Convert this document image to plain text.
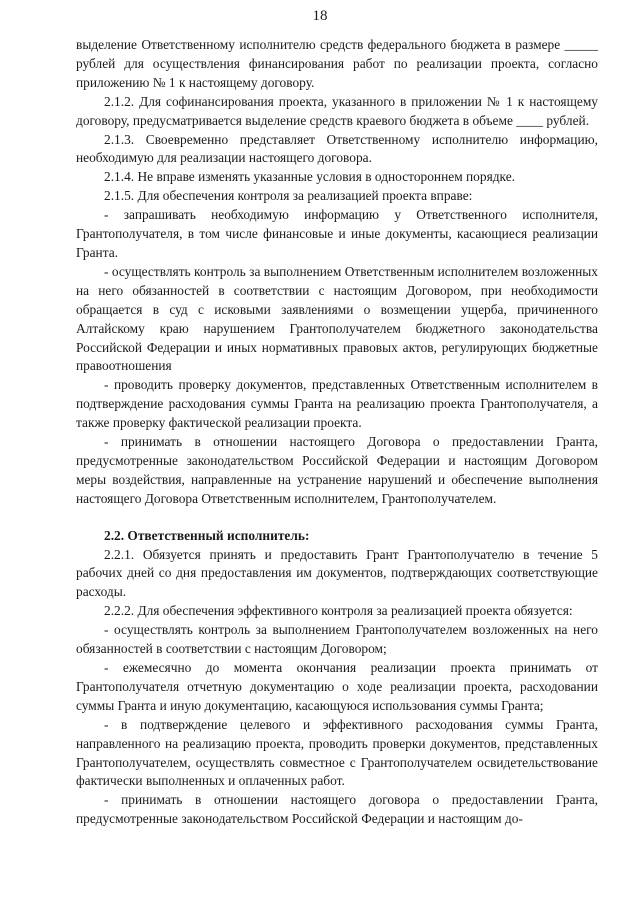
18

выделение Ответственному исполнителю средств федерального бюджета в размере _____ рублей для осуществления финансирования работ по реализации проекта, согласно приложению № 1 к настоящему договору.

2.1.2. Для софинансирования проекта, указанного в приложении № 1 к настоящему договору, предусматривается выделение средств краевого бюджета в объеме ____ рублей.

2.1.3. Своевременно представляет Ответственному исполнителю информацию, необходимую для реализации настоящего договора.

2.1.4. Не вправе изменять указанные условия в одностороннем порядке.

2.1.5. Для обеспечения контроля за реализацией проекта вправе:

- запрашивать необходимую информацию у Ответственного исполнителя, Грантополучателя, в том числе финансовые и иные документы, касающиеся реализации Гранта.

- осуществлять контроль за выполнением Ответственным исполнителем возложенных на него обязанностей в соответствии с настоящим Договором, при необходимости обращается в суд с исковыми заявлениями о возмещении ущерба, причиненного Алтайскому краю нарушением Грантополучателем бюджетного законодательства Российской Федерации и иных нормативных правовых актов, регулирующих бюджетные правоотношения

- проводить проверку документов, представленных Ответственным исполнителем в подтверждение расходования суммы Гранта на реализацию проекта Грантополучателя, а также проверку фактической реализации проекта.

- принимать в отношении настоящего Договора о предоставлении Гранта, предусмотренные законодательством Российской Федерации и настоящим Договором меры воздействия, направленные на устранение нарушений и обеспечение выполнения настоящего Договора Ответственным исполнителем, Грантополучателем.

2.2. Ответственный исполнитель:

2.2.1. Обязуется принять и предоставить Грант Грантополучателю в течение 5 рабочих дней со дня предоставления им документов, подтверждающих соответствующие расходы.

2.2.2. Для обеспечения эффективного контроля за реализацией проекта обязуется:

- осуществлять контроль за выполнением Грантополучателем возложенных на него обязанностей в соответствии с настоящим Договором;

- ежемесячно до момента окончания реализации проекта принимать от Грантополучателя отчетную документацию о ходе реализации проекта, расходовании суммы Гранта и иную документацию, касающуюся использования суммы Гранта;

- в подтверждение целевого и эффективного расходования суммы Гранта, направленного на реализацию проекта, проводить проверки документов, представленных Грантополучателем, осуществлять совместное с Грантополучателем освидетельствование фактически выполненных и оплаченных работ.

- принимать в отношении настоящего договора о предоставлении Гранта, предусмотренные законодательством Российской Федерации и настоящим до-
